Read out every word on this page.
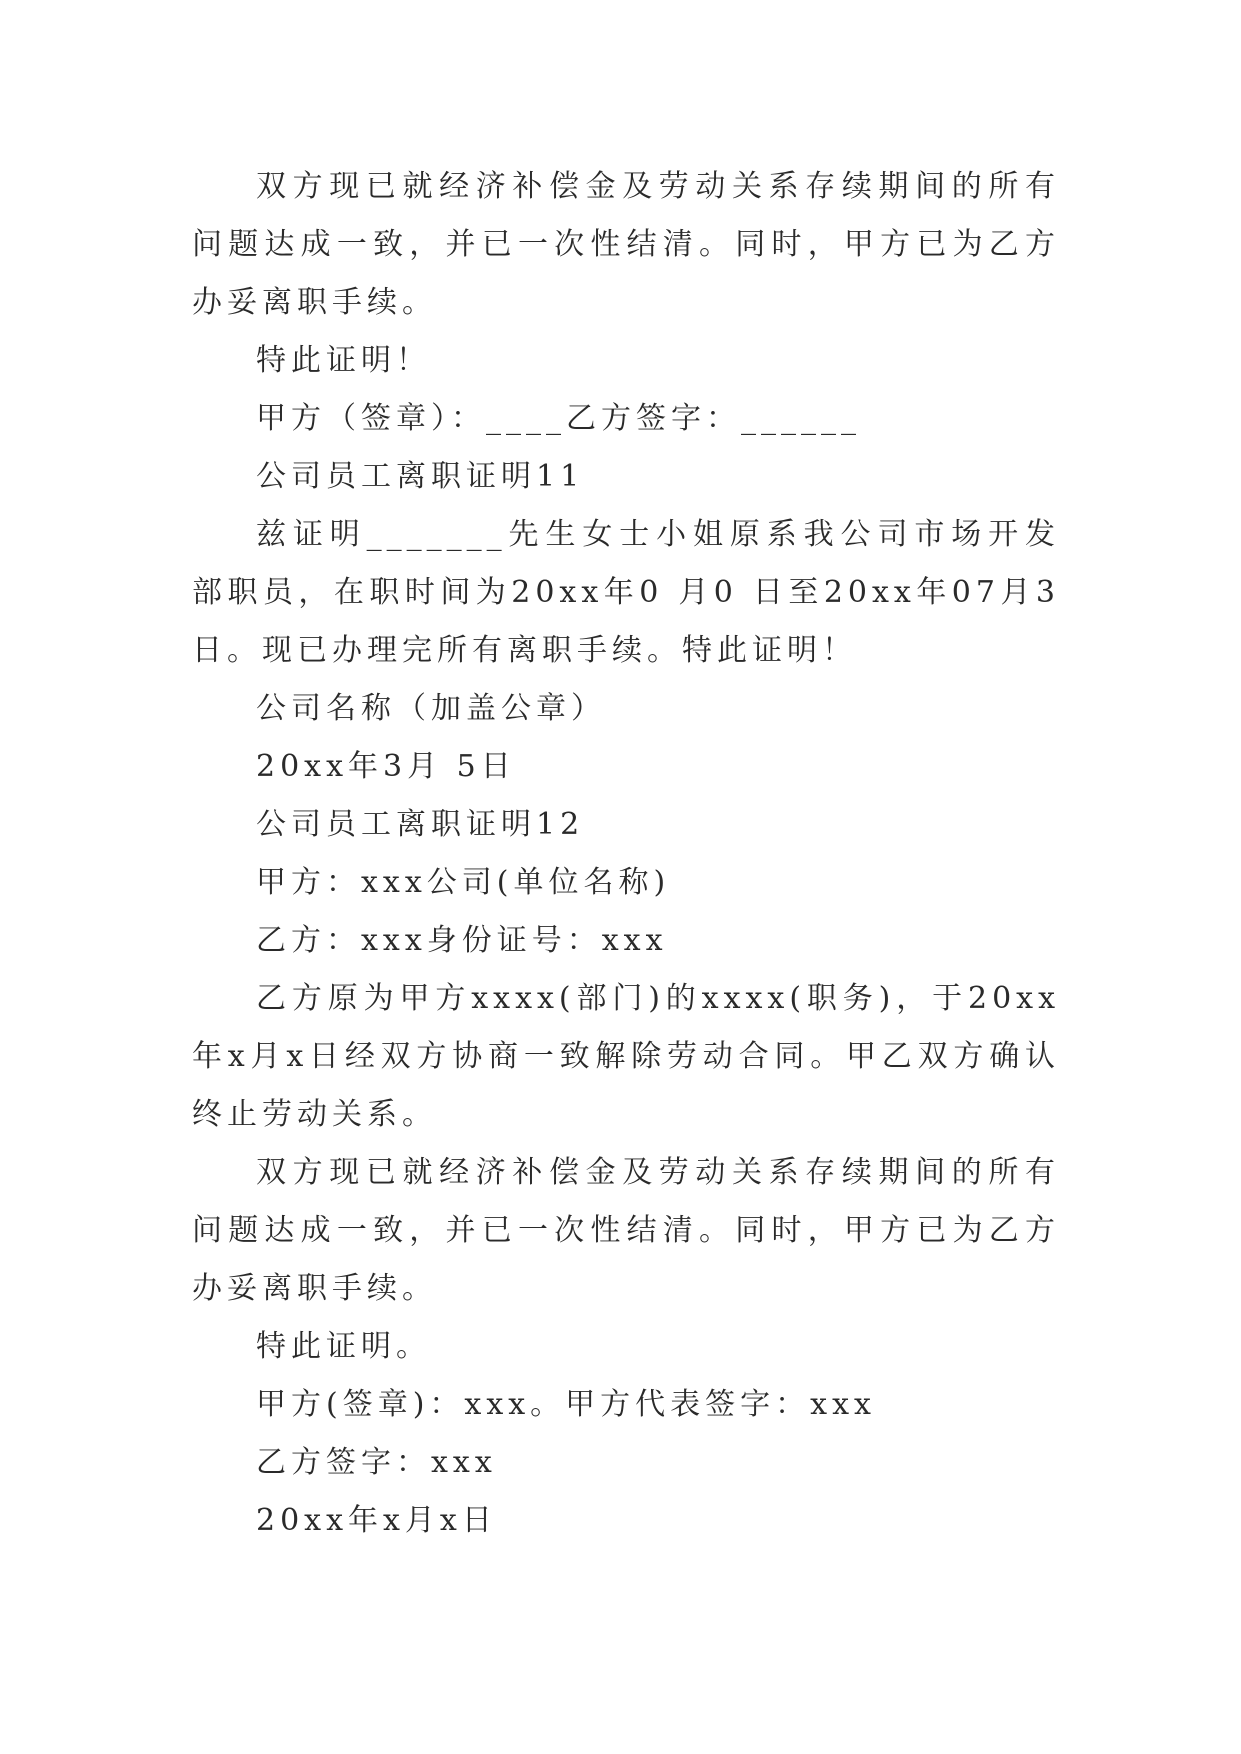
双方现已就经济补偿金及劳动关系存续期间的所有问题达成一致，并已一次性结清。同时，甲方已为乙方办妥离职手续。

特此证明！

甲方（签章）：____乙方签字：______

公司员工离职证明11

兹证明_______先生女士小姐原系我公司市场开发部职员，在职时间为20xx年0 月0 日至20xx年07月3 日。现已办理完所有离职手续。特此证明！

公司名称（加盖公章）

20xx年3月 5日

公司员工离职证明12

甲方：xxx公司(单位名称)

乙方：xxx身份证号：xxx

乙方原为甲方xxxx(部门)的xxxx(职务)，于20xx年x月x日经双方协商一致解除劳动合同。甲乙双方确认终止劳动关系。

双方现已就经济补偿金及劳动关系存续期间的所有问题达成一致，并已一次性结清。同时，甲方已为乙方办妥离职手续。

特此证明。

甲方(签章)：xxx。甲方代表签字：xxx

乙方签字：xxx

20xx年x月x日
